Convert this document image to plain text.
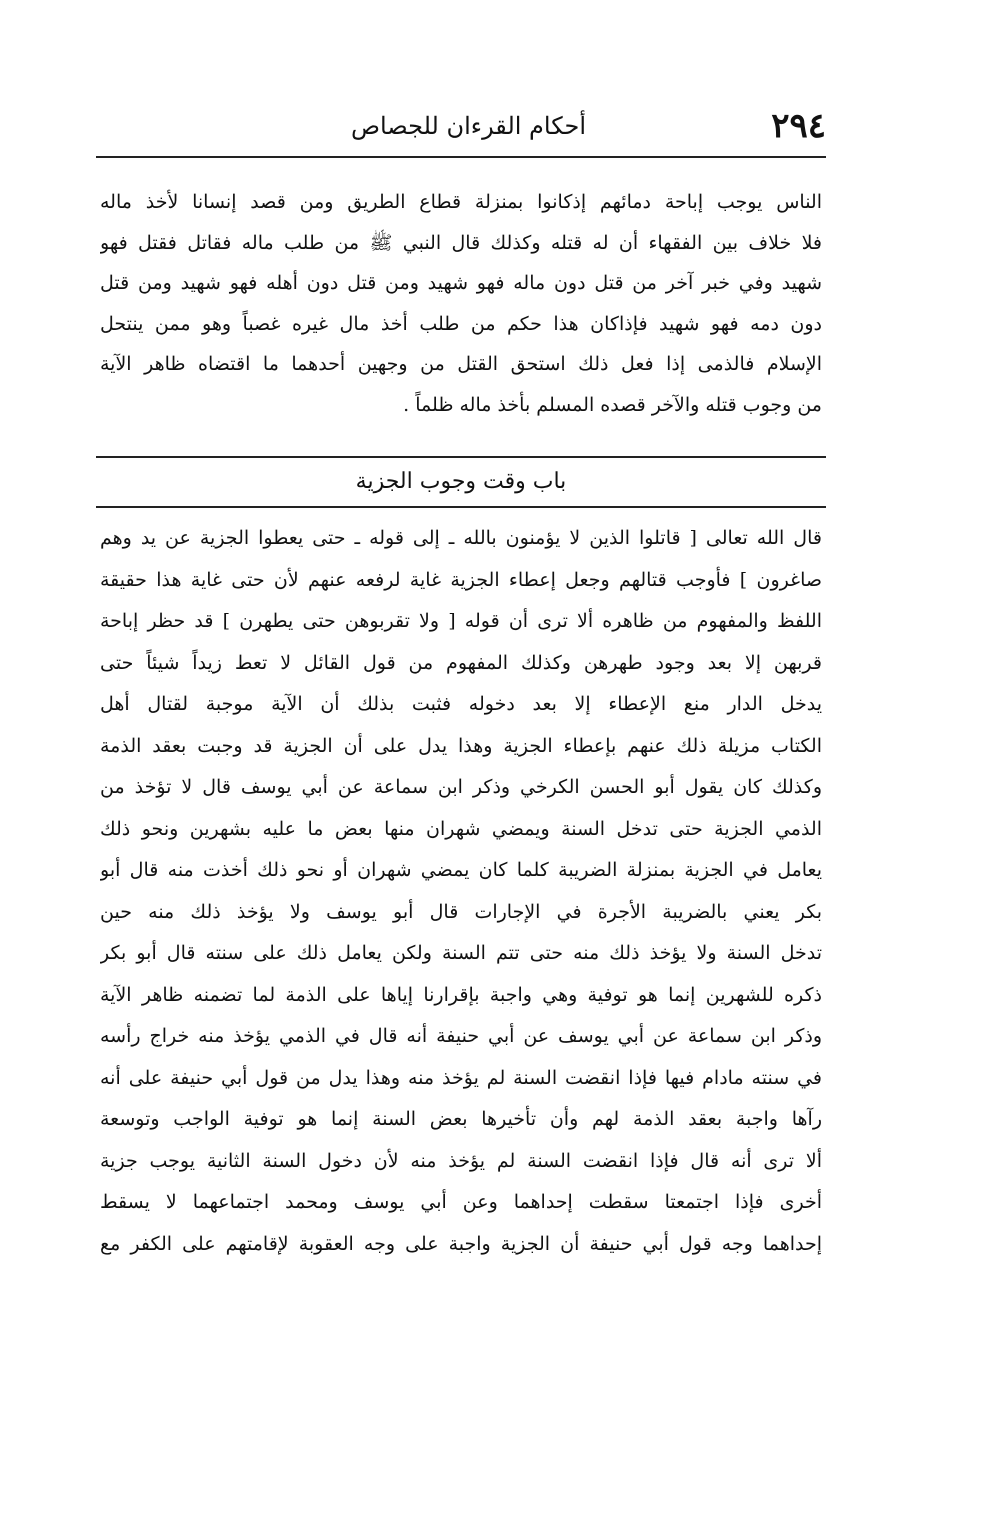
٢٩٤
أحكام القرءان للجصاص
الناس يوجب إباحة دمائهم إذكانوا بمنزلة قطاع الطريق ومن قصد إنسانا لأخذ ماله
فلا خلاف بين الفقهاء أن له قتله وكذلك قال النبي ﷺ من طلب ماله فقاتل فقتل فهو
شهيد وفي خبر آخر من قتل دون ماله فهو شهيد ومن قتل دون أهله فهو شهيد ومن قتل
دون دمه فهو شهيد فإذاكان هذا حكم من طلب أخذ مال غيره غصباً وهو ممن ينتحل
الإسلام فالذمى إذا فعل ذلك استحق القتل من وجهين أحدهما ما اقتضاه ظاهر الآية
من وجوب قتله والآخر قصده المسلم بأخذ ماله ظلماً .
باب وقت وجوب الجزية
قال الله تعالى [ قاتلوا الذين لا يؤمنون بالله ـ إلى قوله ـ حتى يعطوا الجزية عن يد وهم
صاغرون ] فأوجب قتالهم وجعل إعطاء الجزية غاية لرفعه عنهم لأن حتى غاية هذا حقيقة
اللفظ والمفهوم من ظاهره ألا ترى أن قوله [ ولا تقربوهن حتى يطهرن ] قد حظر إباحة
قربهن إلا بعد وجود طهرهن وكذلك المفهوم من قول القائل لا تعط زيداً شيئاً حتى
يدخل الدار منع الإعطاء إلا بعد دخوله فثبت بذلك أن الآية موجبة لقتال أهل
الكتاب مزيلة ذلك عنهم بإعطاء الجزية وهذا يدل على أن الجزية قد وجبت بعقد الذمة
وكذلك كان يقول أبو الحسن الكرخي وذكر ابن سماعة عن أبي يوسف قال لا تؤخذ من
الذمي الجزية حتى تدخل السنة ويمضي شهران منها بعض ما عليه بشهرين ونحو ذلك
يعامل في الجزية بمنزلة الضريبة كلما كان يمضي شهران أو نحو ذلك أخذت منه قال أبو
بكر يعني بالضريبة الأجرة في الإجارات قال أبو يوسف ولا يؤخذ ذلك منه حين
تدخل السنة ولا يؤخذ ذلك منه حتى تتم السنة ولكن يعامل ذلك على سنته قال أبو بكر
ذكره للشهرين إنما هو توفية وهي واجبة بإقرارنا إياها على الذمة لما تضمنه ظاهر الآية
وذكر ابن سماعة عن أبي يوسف عن أبي حنيفة أنه قال في الذمي يؤخذ منه خراج رأسه
في سنته مادام فيها فإذا انقضت السنة لم يؤخذ منه وهذا يدل من قول أبي حنيفة على أنه
رآها واجبة بعقد الذمة لهم وأن تأخيرها بعض السنة إنما هو توفية الواجب وتوسعة
ألا ترى أنه قال فإذا انقضت السنة لم يؤخذ منه لأن دخول السنة الثانية يوجب جزية
أخرى فإذا اجتمعتا سقطت إحداهما وعن أبي يوسف ومحمد اجتماعهما لا يسقط
إحداهما وجه قول أبي حنيفة أن الجزية واجبة على وجه العقوبة لإقامتهم على الكفر مع
